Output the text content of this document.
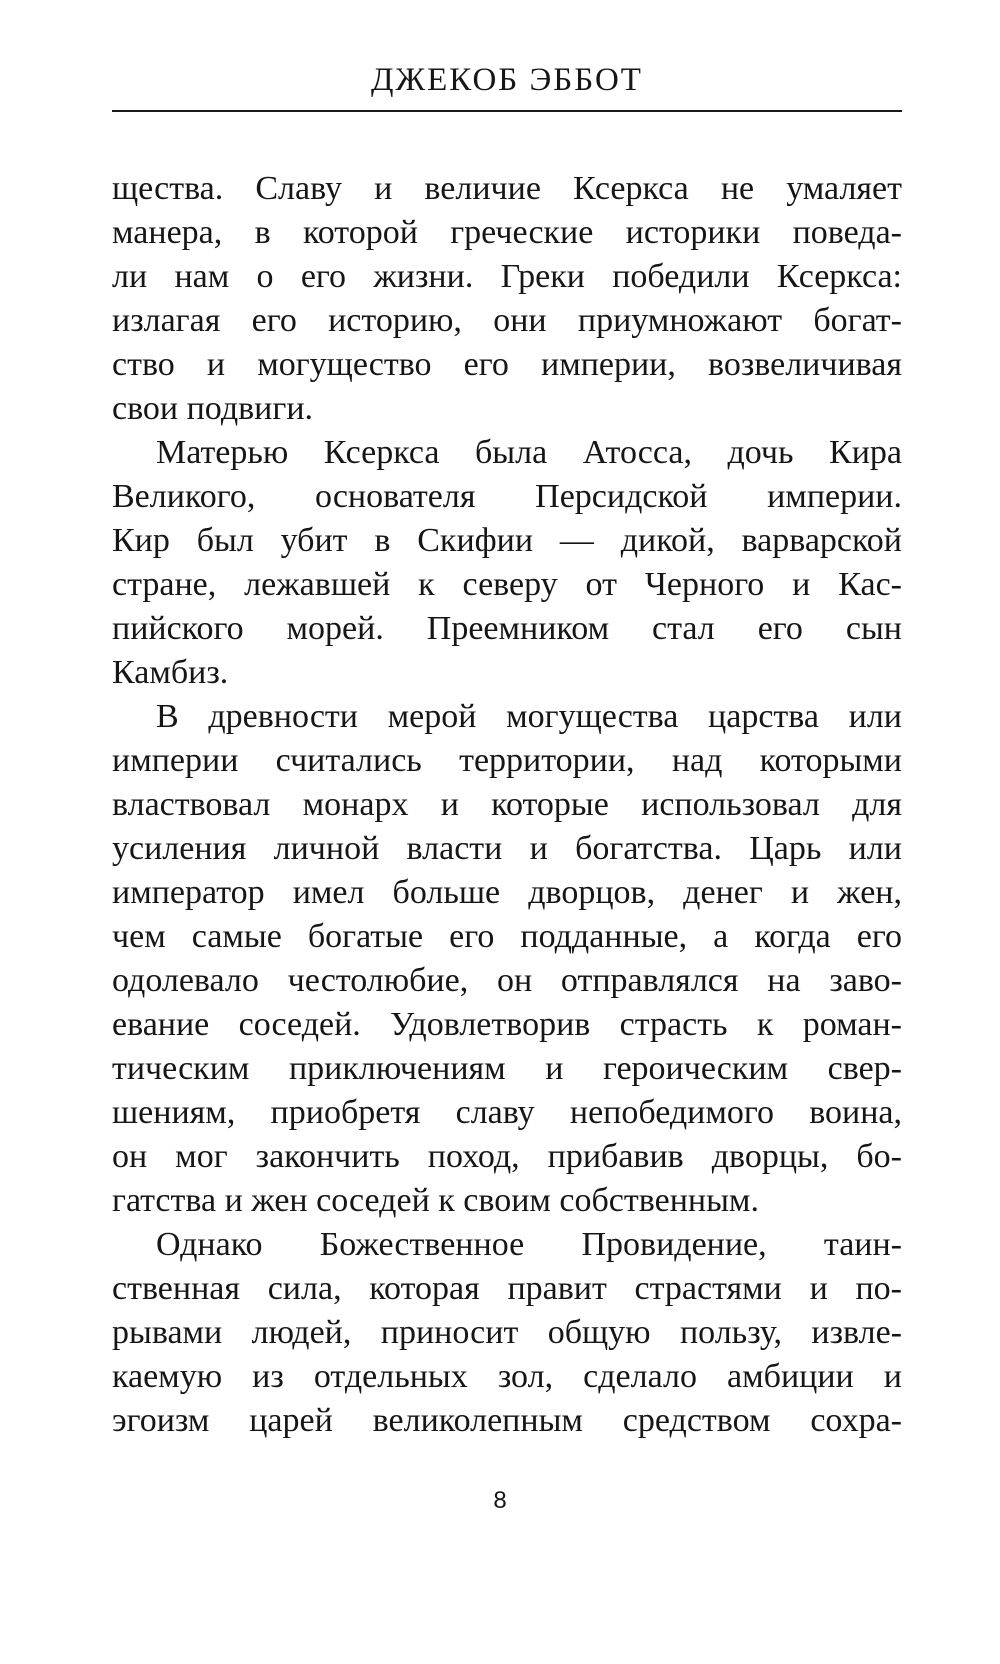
ДЖЕКОБ ЭББОТ
щества. Славу и величие Ксеркса не умаляет
манера, в которой греческие историки поведа-
ли нам о его жизни. Греки победили Ксеркса:
излагая его историю, они приумножают богат-
ство и могущество его империи, возвеличивая
свои подвиги.
Матерью Ксеркса была Атосса, дочь Кира
Великого, основателя Персидской империи.
Кир был убит в Скифии — дикой, варварской
стране, лежавшей к северу от Черного и Кас-
пийского морей. Преемником стал его сын
Камбиз.
В древности мерой могущества царства или
империи считались территории, над которыми
властвовал монарх и которые использовал для
усиления личной власти и богатства. Царь или
император имел больше дворцов, денег и жен,
чем самые богатые его подданные, а когда его
одолевало честолюбие, он отправлялся на заво-
евание соседей. Удовлетворив страсть к роман-
тическим приключениям и героическим свер-
шениям, приобретя славу непобедимого воина,
он мог закончить поход, прибавив дворцы, бо-
гатства и жен соседей к своим собственным.
Однако Божественное Провидение, таин-
ственная сила, которая правит страстями и по-
рывами людей, приносит общую пользу, извле-
каемую из отдельных зол, сделало амбиции и
эгоизм царей великолепным средством сохра-
8
